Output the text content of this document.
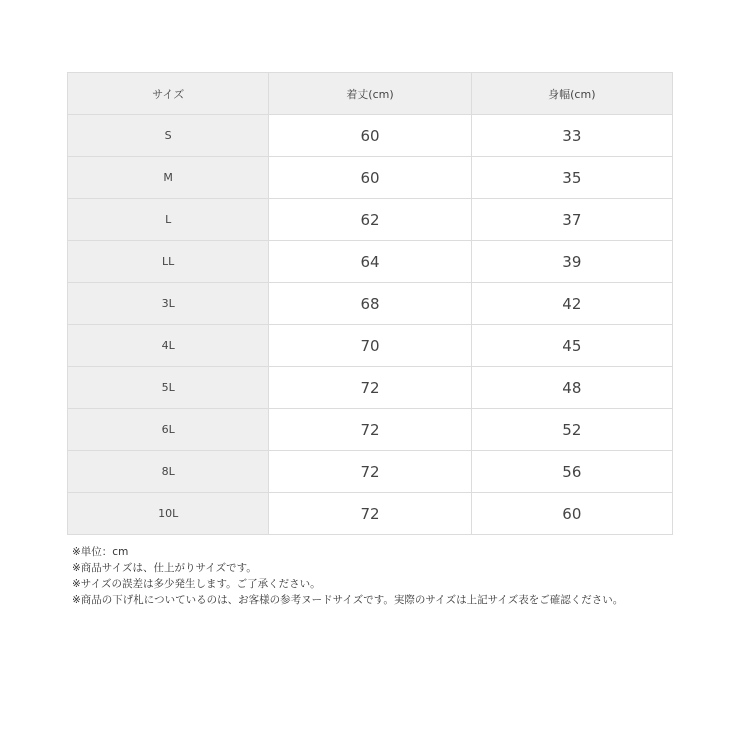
サイズ	着丈(cm)	身幅(cm)
S	60	33
M	60	35
L	62	37
LL	64	39
3L	68	42
4L	70	45
5L	72	48
6L	72	52
8L	72	56
10L	72	60
※単位：cm
※商品サイズは、仕上がりサイズです。
※サイズの誤差は多少発生します。ご了承ください。
※商品の下げ札についているのは、お客様の参考ヌードサイズです。実際のサイズは上記サイズ表をご確認ください。
